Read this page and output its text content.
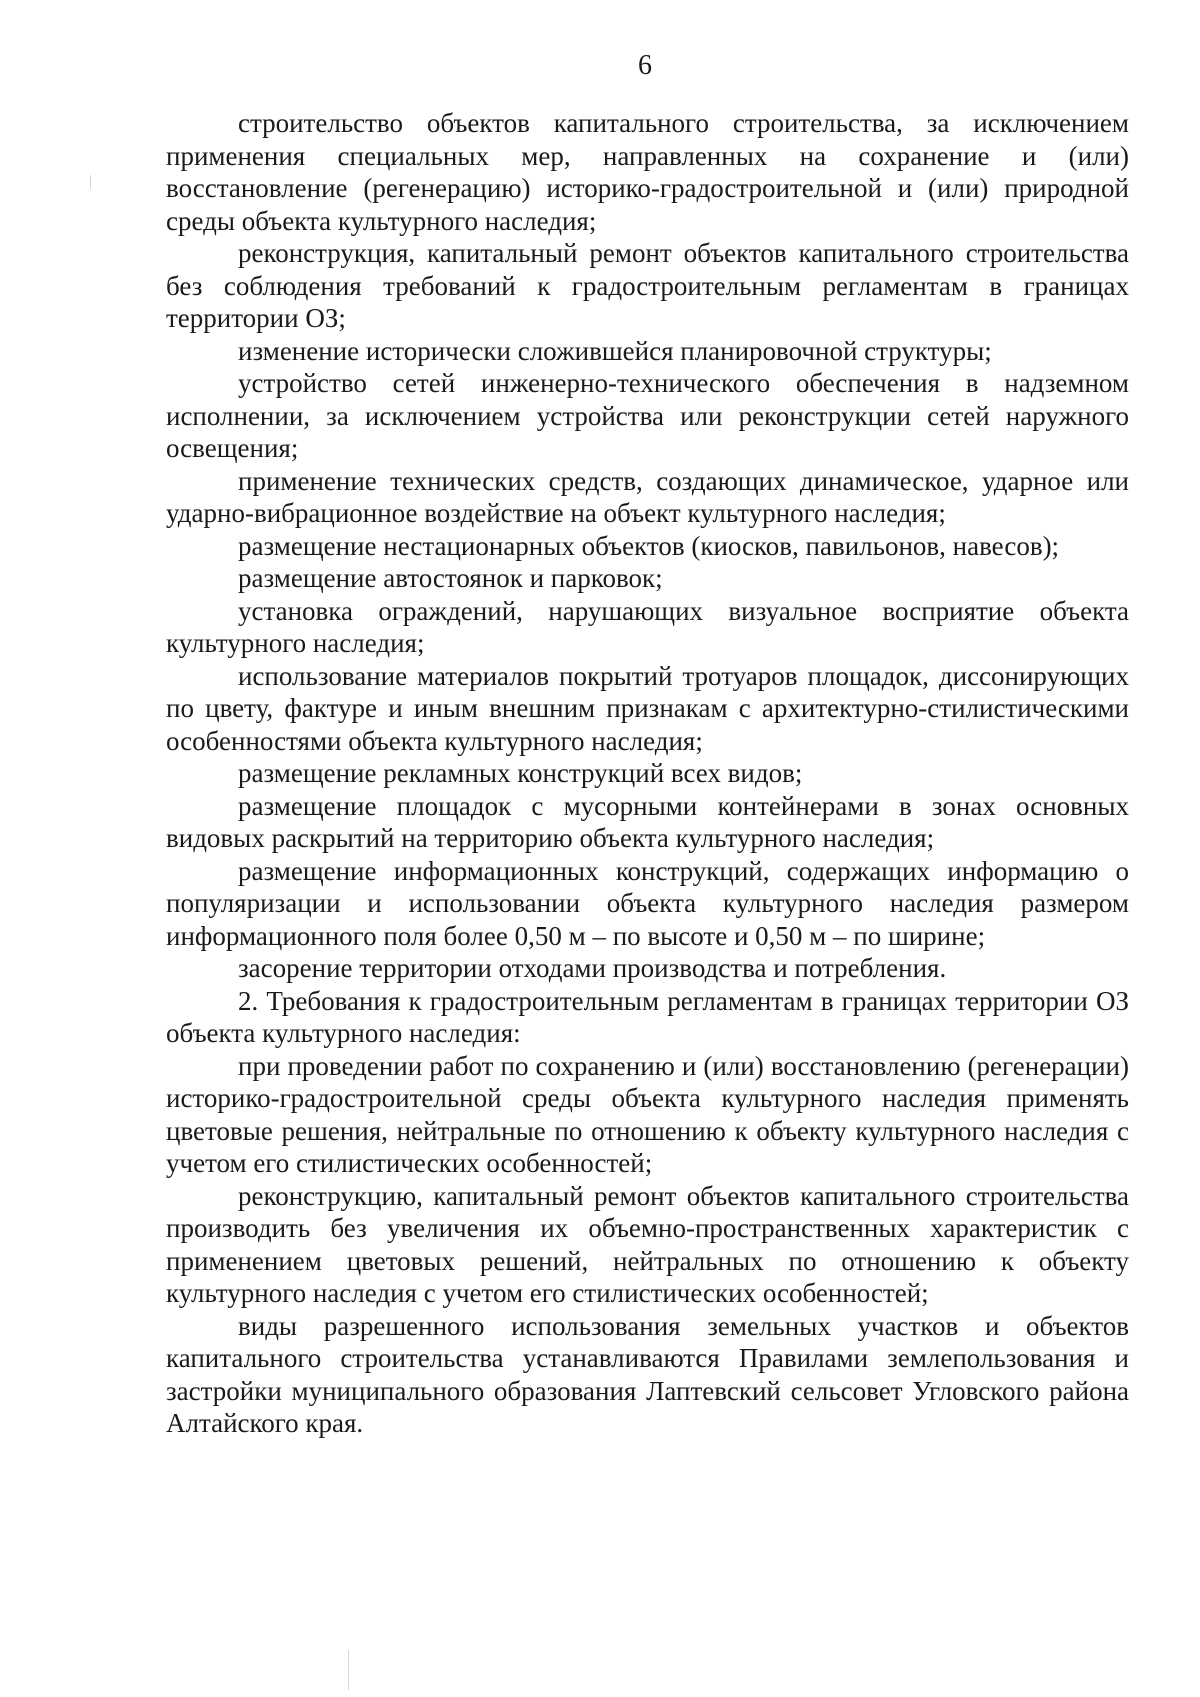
6

строительство объектов капитального строительства, за исключением применения специальных мер, направленных на сохранение и (или) восстановление (регенерацию) историко-градостроительной и (или) природной среды объекта культурного наследия;

реконструкция, капитальный ремонт объектов капитального строительства без соблюдения требований к градостроительным регламентам в границах территории ОЗ;

изменение исторически сложившейся планировочной структуры;

устройство сетей инженерно-технического обеспечения в надземном исполнении, за исключением устройства или реконструкции сетей наружного освещения;

применение технических средств, создающих динамическое, ударное или ударно-вибрационное воздействие на объект культурного наследия;

размещение нестационарных объектов (киосков, павильонов, навесов);

размещение автостоянок и парковок;

установка ограждений, нарушающих визуальное восприятие объекта культурного наследия;

использование материалов покрытий тротуаров площадок, диссонирующих по цвету, фактуре и иным внешним признакам с архитектурно-стилистическими особенностями объекта культурного наследия;

размещение рекламных конструкций всех видов;

размещение площадок с мусорными контейнерами в зонах основных видовых раскрытий на территорию объекта культурного наследия;

размещение информационных конструкций, содержащих информацию о популяризации и использовании объекта культурного наследия размером информационного поля более 0,50 м – по высоте и 0,50 м – по ширине;

засорение территории отходами производства и потребления.

2. Требования к градостроительным регламентам в границах территории ОЗ объекта культурного наследия:

при проведении работ по сохранению и (или) восстановлению (регенерации) историко-градостроительной среды объекта культурного наследия применять цветовые решения, нейтральные по отношению к объекту культурного наследия с учетом его стилистических особенностей;

реконструкцию, капитальный ремонт объектов капитального строительства производить без увеличения их объемно-пространственных характеристик с применением цветовых решений, нейтральных по отношению к объекту культурного наследия с учетом его стилистических особенностей;

виды разрешенного использования земельных участков и объектов капитального строительства устанавливаются Правилами землепользования и застройки муниципального образования Лаптевский сельсовет Угловского района Алтайского края.
